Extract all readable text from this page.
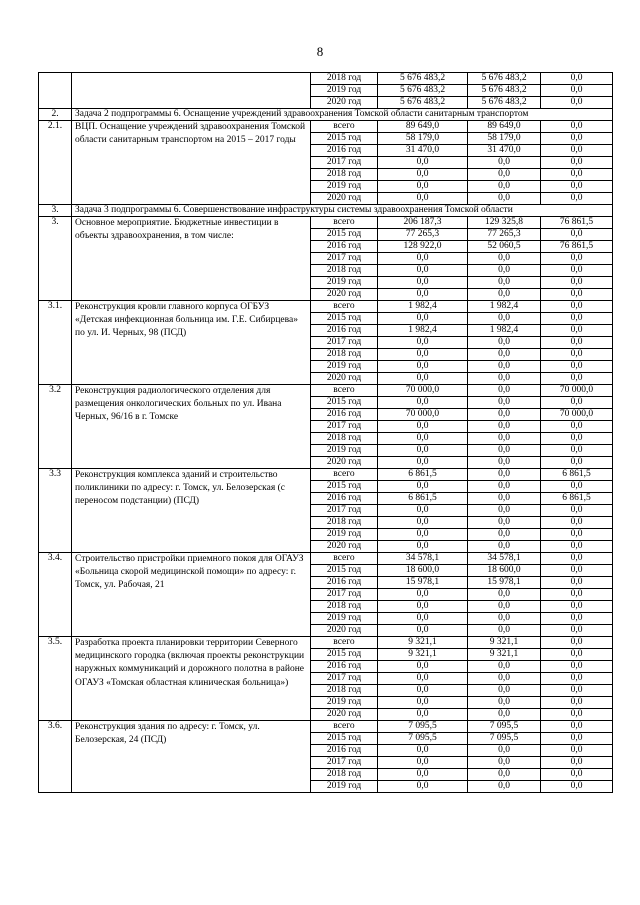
8
		2018 год	5 676 483,2	5 676 483,2	0,0
		2019 год	5 676 483,2	5 676 483,2	0,0
		2020 год	5 676 483,2	5 676 483,2	0,0
2.	Задача 2 подпрограммы 6. Оснащение учреждений здравоохранения Томской области санитарным транспортом				
2.1.	ВЦП. Оснащение учреждений здравоохранения Томской области санитарным транспортом на 2015 – 2017 годы	всего	89 649,0	89 649,0	0,0
		2015 год	58 179,0	58 179,0	0,0
		2016 год	31 470,0	31 470,0	0,0
		2017 год	0,0	0,0	0,0
		2018 год	0,0	0,0	0,0
		2019 год	0,0	0,0	0,0
		2020 год	0,0	0,0	0,0
3.	Задача 3 подпрограммы 6. Совершенствование инфраструктуры системы здравоохранения Томской области				
3.	Основное мероприятие. Бюджетные инвестиции в объекты здравоохранения, в том числе:	всего	206 187,3	129 325,8	76 861,5
		2015 год	77 265,3	77 265,3	0,0
		2016 год	128 922,0	52 060,5	76 861,5
		2017 год	0,0	0,0	0,0
		2018 год	0,0	0,0	0,0
		2019 год	0,0	0,0	0,0
		2020 год	0,0	0,0	0,0
3.1.	Реконструкция кровли главного корпуса ОГБУЗ «Детская инфекционная больница им. Г.Е. Сибирцева» по ул. И. Черных, 98 (ПСД)	всего	1 982,4	1 982,4	0,0
		2015 год	0,0	0,0	0,0
		2016 год	1 982,4	1 982,4	0,0
		2017 год	0,0	0,0	0,0
		2018 год	0,0	0,0	0,0
		2019 год	0,0	0,0	0,0
		2020 год	0,0	0,0	0,0
3.2	Реконструкция радиологического отделения для размещения онкологических больных по ул. Ивана Черных, 96/16 в г. Томске	всего	70 000,0	0,0	70 000,0
		2015 год	0,0	0,0	0,0
		2016 год	70 000,0	0,0	70 000,0
		2017 год	0,0	0,0	0,0
		2018 год	0,0	0,0	0,0
		2019 год	0,0	0,0	0,0
		2020 год	0,0	0,0	0,0
3.3	Реконструкция комплекса зданий и строительство поликлиники по адресу: г. Томск, ул. Белозерская (с переносом подстанции) (ПСД)	всего	6 861,5	0,0	6 861,5
		2015 год	0,0	0,0	0,0
		2016 год	6 861,5	0,0	6 861,5
		2017 год	0,0	0,0	0,0
		2018 год	0,0	0,0	0,0
		2019 год	0,0	0,0	0,0
		2020 год	0,0	0,0	0,0
3.4.	Строительство пристройки приемного покоя для ОГАУЗ «Больница скорой медицинской помощи» по адресу: г. Томск, ул. Рабочая, 21	всего	34 578,1	34 578,1	0,0
		2015 год	18 600,0	18 600,0	0,0
		2016 год	15 978,1	15 978,1	0,0
		2017 год	0,0	0,0	0,0
		2018 год	0,0	0,0	0,0
		2019 год	0,0	0,0	0,0
		2020 год	0,0	0,0	0,0
3.5.	Разработка проекта планировки территории Северного медицинского городка (включая проекты реконструкции наружных коммуникаций и дорожного полотна в районе ОГАУЗ «Томская областная клиническая больница»)	всего	9 321,1	9 321,1	0,0
		2015 год	9 321,1	9 321,1	0,0
		2016 год	0,0	0,0	0,0
		2017 год	0,0	0,0	0,0
		2018 год	0,0	0,0	0,0
		2019 год	0,0	0,0	0,0
		2020 год	0,0	0,0	0,0
3.6.	Реконструкция здания по адресу: г. Томск, ул. Белозерская, 24 (ПСД)	всего	7 095,5	7 095,5	0,0
		2015 год	7 095,5	7 095,5	0,0
		2016 год	0,0	0,0	0,0
		2017 год	0,0	0,0	0,0
		2018 год	0,0	0,0	0,0
		2019 год	0,0	0,0	0,0
